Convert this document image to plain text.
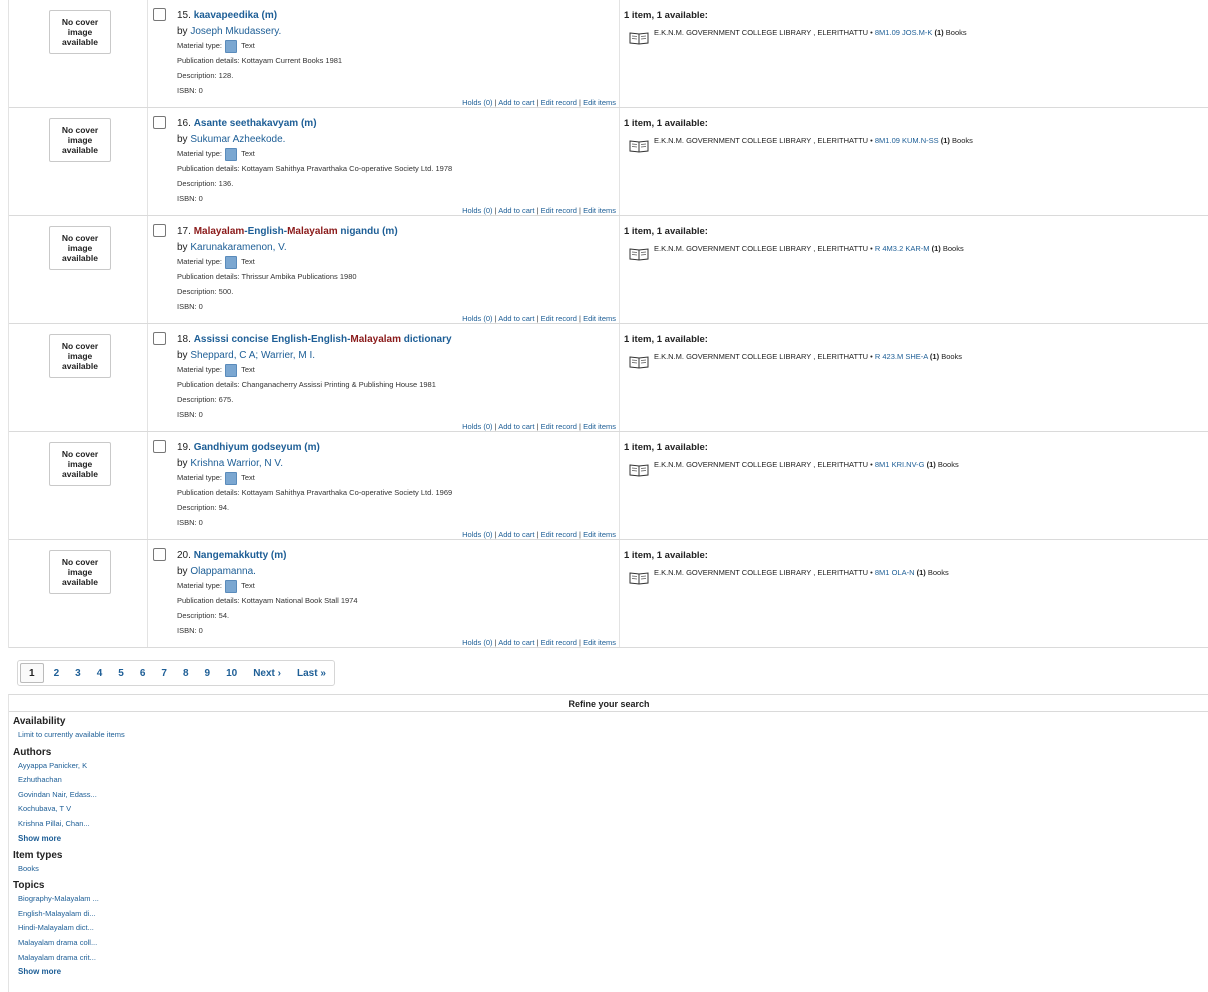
No cover image available
15. kaavapeedika (m)
by Joseph Mkudassery.
Material type:	Text
Publication details: Kottayam Current Books 1981
Description: 128.
ISBN: 0
Holds (0) | Add to cart | Edit record | Edit items
1 item, 1 available:
E.K.N.M. GOVERNMENT COLLEGE LIBRARY , ELERITHATTU • 8M1.09 JOS.M-K (1) Books
No cover image available
16. Asante seethakavyam (m)
by Sukumar Azheekode.
Material type:	Text
Publication details: Kottayam Sahithya Pravarthaka Co-operative Society Ltd. 1978
Description: 136.
ISBN: 0
Holds (0) | Add to cart | Edit record | Edit items
1 item, 1 available:
E.K.N.M. GOVERNMENT COLLEGE LIBRARY , ELERITHATTU • 8M1.09 KUM.N-SS (1) Books
No cover image available
17. Malayalam-English-Malayalam nigandu (m)
by Karunakaramenon, V.
Material type:	Text
Publication details: Thrissur Ambika Publications 1980
Description: 500.
ISBN: 0
Holds (0) | Add to cart | Edit record | Edit items
1 item, 1 available:
E.K.N.M. GOVERNMENT COLLEGE LIBRARY , ELERITHATTU • R 4M3.2 KAR-M (1) Books
No cover image available
18. Assissi concise English-English-Malayalam dictionary
by Sheppard, C A; Warrier, M I.
Material type:	Text
Publication details: Changanacherry Assissi Printing & Publishing House 1981
Description: 675.
ISBN: 0
Holds (0) | Add to cart | Edit record | Edit items
1 item, 1 available:
E.K.N.M. GOVERNMENT COLLEGE LIBRARY , ELERITHATTU • R 423.M SHE-A (1) Books
No cover image available
19. Gandhiyum godseyum (m)
by Krishna Warrior, N V.
Material type:	Text
Publication details: Kottayam Sahithya Pravarthaka Co-operative Society Ltd. 1969
Description: 94.
ISBN: 0
Holds (0) | Add to cart | Edit record | Edit items
1 item, 1 available:
E.K.N.M. GOVERNMENT COLLEGE LIBRARY , ELERITHATTU • 8M1 KRI.NV-G (1) Books
No cover image available
20. Nangemakkutty (m)
by Olappamanna.
Material type:	Text
Publication details: Kottayam National Book Stall 1974
Description: 54.
ISBN: 0
Holds (0) | Add to cart | Edit record | Edit items
1 item, 1 available:
E.K.N.M. GOVERNMENT COLLEGE LIBRARY , ELERITHATTU • 8M1 OLA-N (1) Books
1	2	3	4	5	6	7	8	9	10	Next ›	Last »
Refine your search
Availability
Limit to currently available items
Authors
Ayyappa Panicker, K
Ezhuthachan
Govindan Nair, Edass...
Kochubava, T V
Krishna Pillai, Chan...
Show more
Item types
Books
Topics
Biography-Malayalam ...
English-Malayalam di...
Hindi-Malayalam dict...
Malayalam drama coll...
Malayalam drama crit...
Show more
